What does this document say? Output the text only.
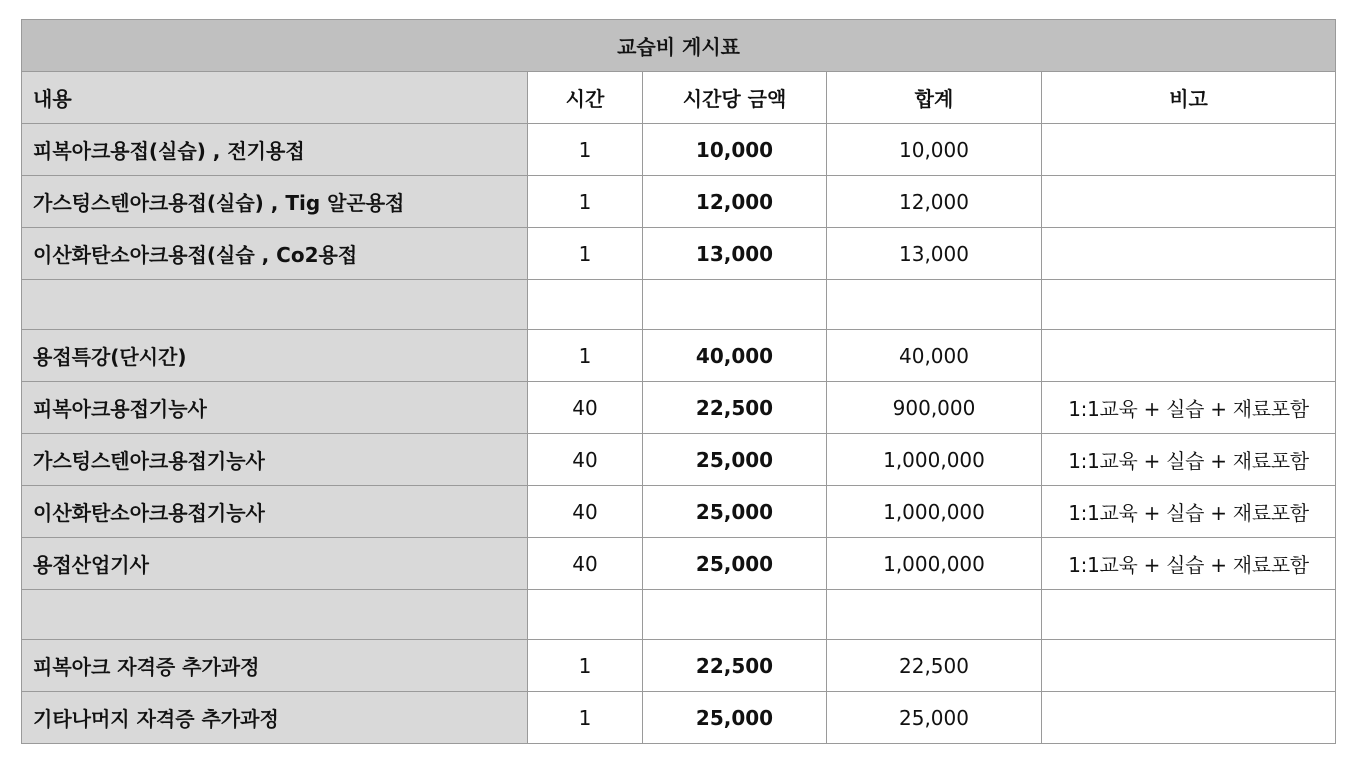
교습비 게시표				
내용	시간	시간당 금액	합계	비고
피복아크용접(실습) , 전기용접	1	10,000	10,000	
가스텅스텐아크용접(실습) , Tig 알곤용접	1	12,000	12,000	
이산화탄소아크용접(실습 , Co2용접	1	13,000	13,000	

용접특강(단시간)	1	40,000	40,000	
피복아크용접기능사	40	22,500	900,000	1:1교육 + 실습 + 재료포함
가스텅스텐아크용접기능사	40	25,000	1,000,000	1:1교육 + 실습 + 재료포함
이산화탄소아크용접기능사	40	25,000	1,000,000	1:1교육 + 실습 + 재료포함
용접산업기사	40	25,000	1,000,000	1:1교육 + 실습 + 재료포함

피복아크 자격증 추가과정	1	22,500	22,500	
기타나머지 자격증 추가과정	1	25,000	25,000	
